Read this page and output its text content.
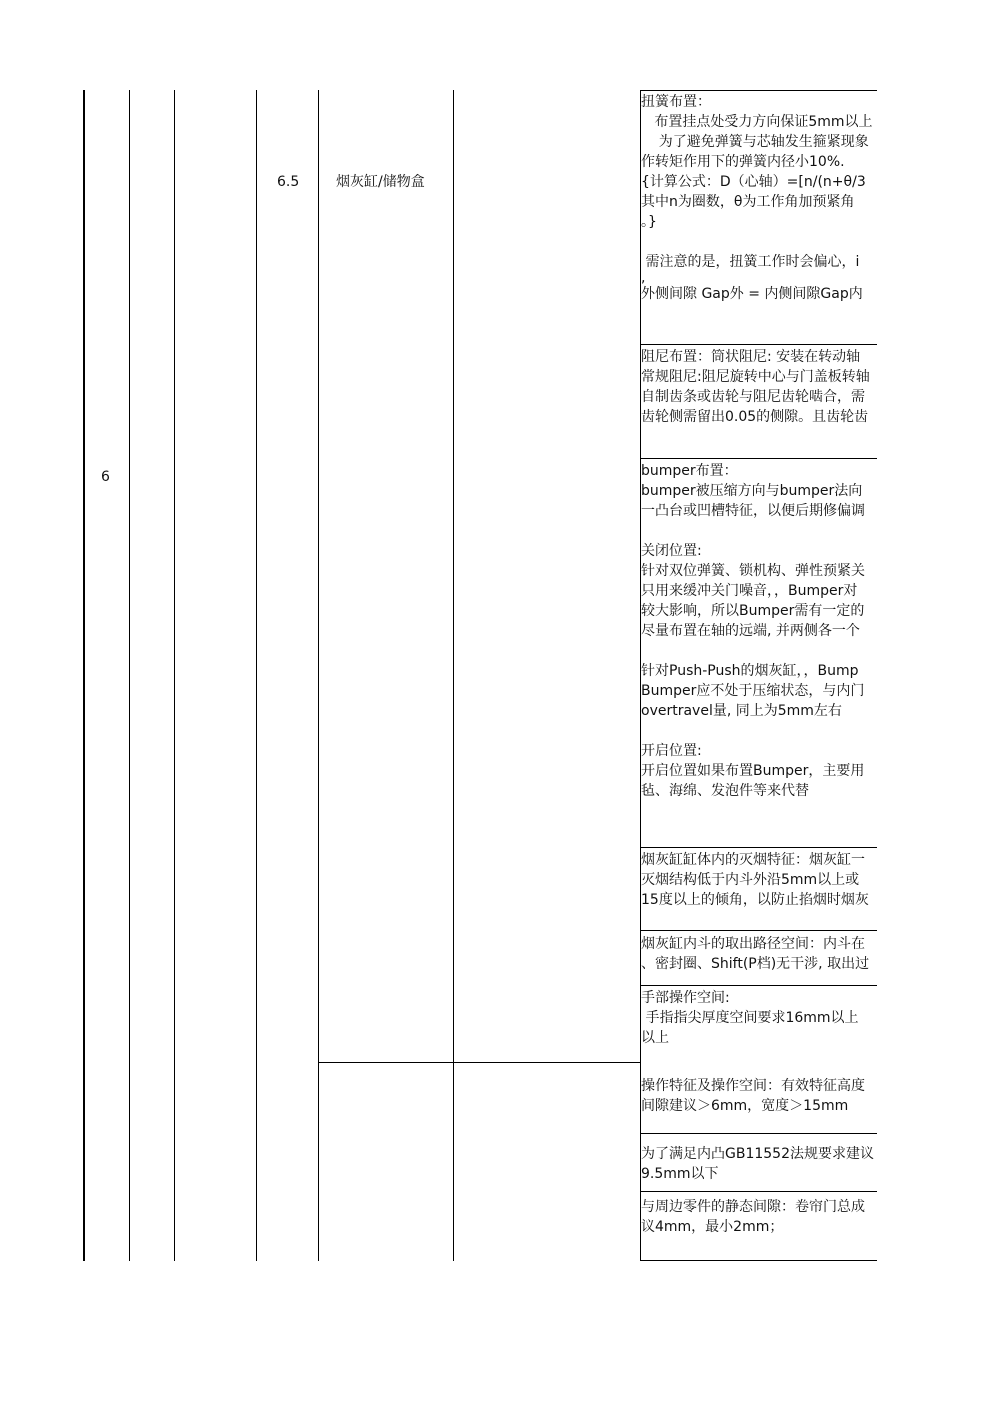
6
6.5	烟灰缸/储物盒
扭簧布置：
布置挂点处受力方向保证5mm以上
为了避免弹簧与芯轴发生箍紧现象
作转矩作用下的弹簧内径小10%.
{计算公式：D（心轴）=[n/(n+θ/3
其中n为圈数，θ为工作角加预紧角
。}
需注意的是，扭簧工作时会偏心，i
,
外侧间隙 Gap外 = 内侧间隙Gap内
阻尼布置：筒状阻尼: 安装在转动轴
常规阻尼:阻尼旋转中心与门盖板转轴
自制齿条或齿轮与阻尼齿轮啮合，需
齿轮侧需留出0.05的侧隙。且齿轮齿
bumper布置：
bumper被压缩方向与bumper法向
一凸台或凹槽特征，以便后期修偏调
关闭位置:
针对双位弹簧、锁机构、弹性预紧关
只用来缓冲关门噪音，，Bumper对
较大影响，所以Bumper需有一定的
尽量布置在轴的远端, 并两侧各一个
针对Push-Push的烟灰缸，，Bump
Bumper应不处于压缩状态，与内门
overtravel量, 同上为5mm左右
开启位置:
开启位置如果布置Bumper，主要用
毡、海绵、发泡件等来代替
烟灰缸缸体内的灭烟特征：烟灰缸一
灭烟结构低于内斗外沿5mm以上或
15度以上的倾角，以防止掐烟时烟灰
烟灰缸内斗的取出路径空间：内斗在
、密封圈、Shift(P档)无干涉, 取出过
手部操作空间:
手指指尖厚度空间要求16mm以上
以上
操作特征及操作空间：有效特征高度
间隙建议＞6mm，宽度＞15mm
为了满足内凸GB11552法规要求建议
9.5mm以下
与周边零件的静态间隙：卷帘门总成
议4mm，最小2mm；
